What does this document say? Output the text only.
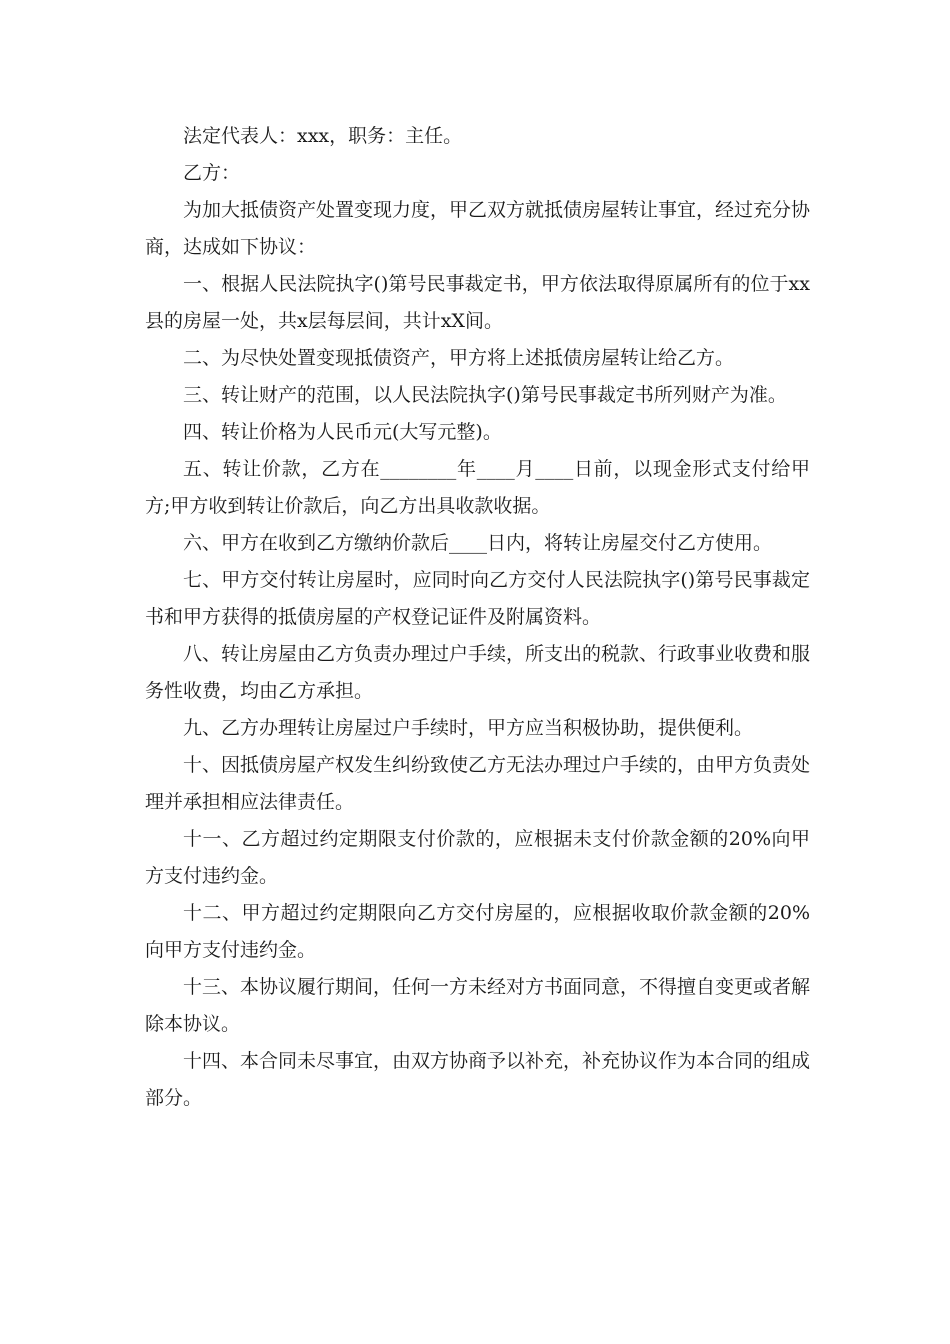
法定代表人：xxx，职务：主任。

乙方：

为加大抵债资产处置变现力度，甲乙双方就抵债房屋转让事宜，经过充分协商，达成如下协议：

一、根据人民法院执字()第号民事裁定书，甲方依法取得原属所有的位于xx县的房屋一处，共x层每层间，共计xX间。

二、为尽快处置变现抵债资产，甲方将上述抵债房屋转让给乙方。

三、转让财产的范围，以人民法院执字()第号民事裁定书所列财产为准。

四、转让价格为人民币元(大写元整)。

五、转让价款，乙方在________年____月____日前，以现金形式支付给甲方;甲方收到转让价款后，向乙方出具收款收据。

六、甲方在收到乙方缴纳价款后____日内，将转让房屋交付乙方使用。

七、甲方交付转让房屋时，应同时向乙方交付人民法院执字()第号民事裁定书和甲方获得的抵债房屋的产权登记证件及附属资料。

八、转让房屋由乙方负责办理过户手续，所支出的税款、行政事业收费和服务性收费，均由乙方承担。

九、乙方办理转让房屋过户手续时，甲方应当积极协助，提供便利。

十、因抵债房屋产权发生纠纷致使乙方无法办理过户手续的，由甲方负责处理并承担相应法律责任。

十一、乙方超过约定期限支付价款的，应根据未支付价款金额的20%向甲方支付违约金。

十二、甲方超过约定期限向乙方交付房屋的，应根据收取价款金额的20%向甲方支付违约金。

十三、本协议履行期间，任何一方未经对方书面同意，不得擅自变更或者解除本协议。

十四、本合同未尽事宜，由双方协商予以补充，补充协议作为本合同的组成部分。
